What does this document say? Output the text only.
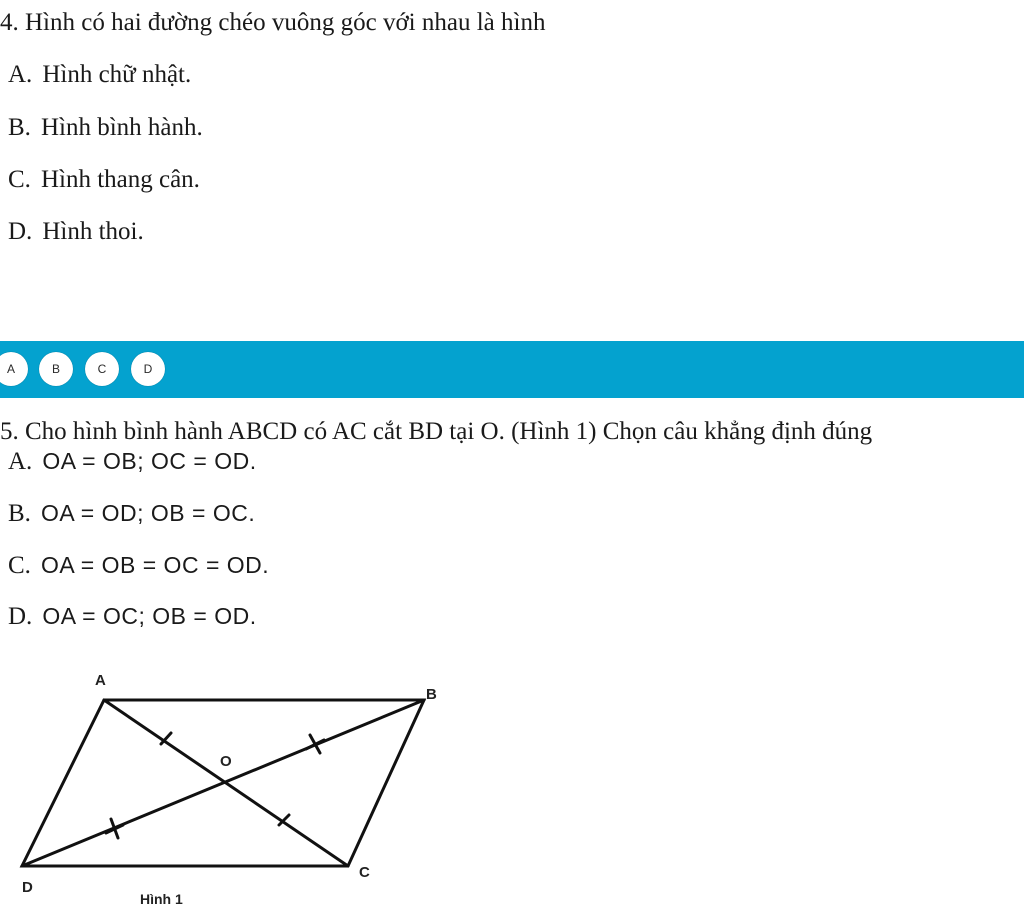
4. Hình có hai đường chéo vuông góc với nhau là hình
A. Hình chữ nhật.
B. Hình bình hành.
C. Hình thang cân.
D. Hình thoi.
A	B	C	D
5. Cho hình bình hành ABCD có AC cắt BD tại O. (Hình 1) Chọn câu khẳng định đúng
A. OA = OB; OC = OD.
B. OA = OD; OB = OC.
C. OA = OB = OC = OD.
D. OA = OC; OB = OD.
A
B
C
D
O
Hình 1
